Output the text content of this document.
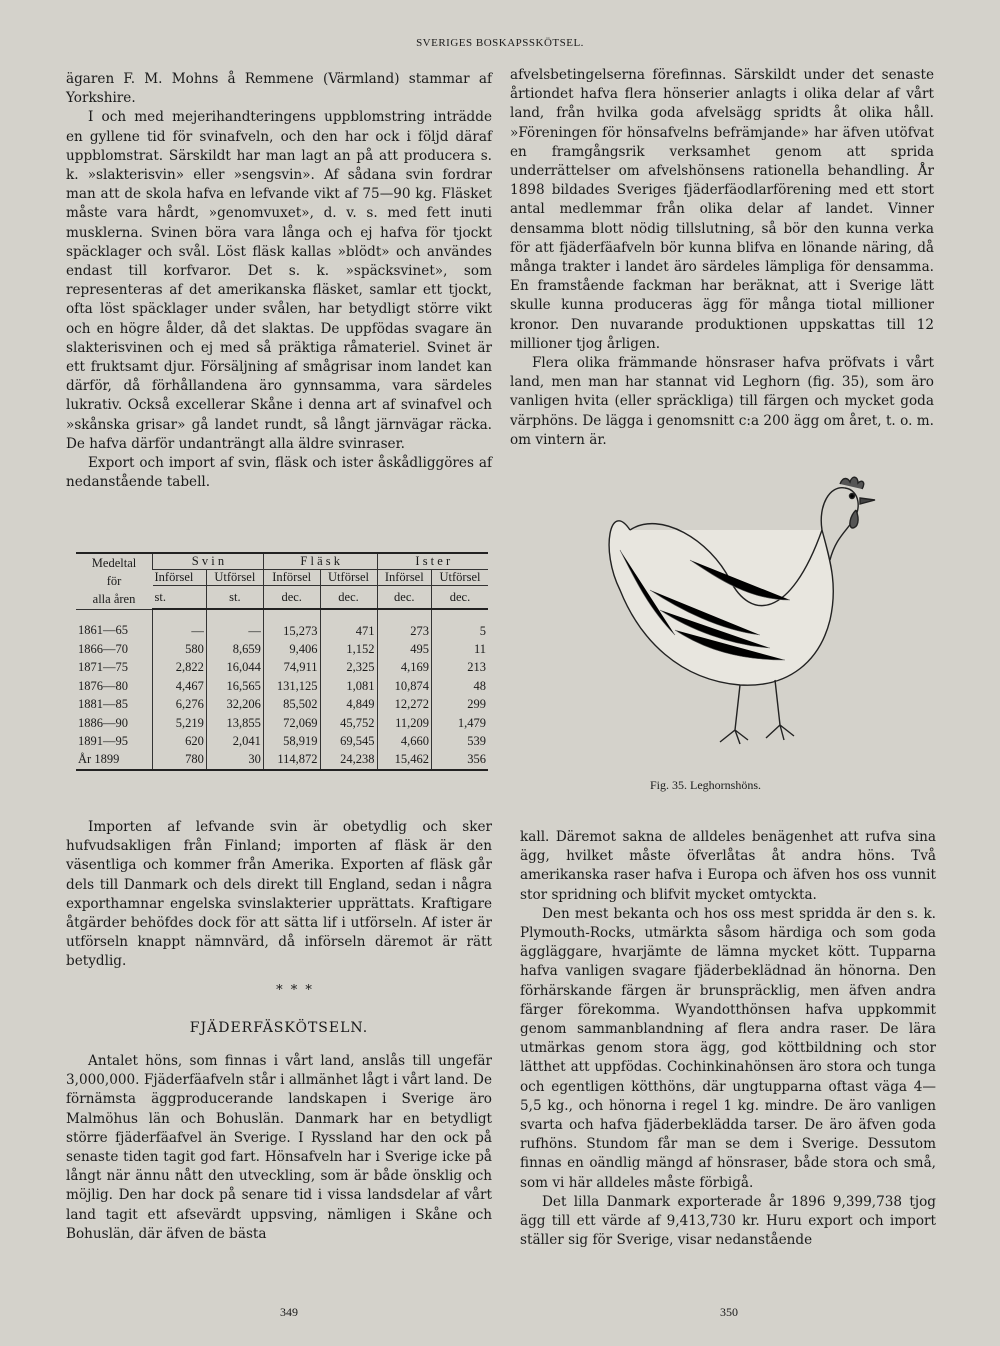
SVERIGES BOSKAPSSKÖTSEL.

ägaren F. M. Mohns å Remmene (Värmland) stammar af Yorkshire.

I och med mejerihandteringens uppblomstring inträdde en gyllene tid för svinafveln, och den har ock i följd däraf uppblomstrat. Särskildt har man lagt an på att producera s. k. »slakterisvin» eller »sengsvin». Af sådana svin fordrar man att de skola hafva en lefvande vikt af 75—90 kg. Fläsket måste vara hårdt, »genomvuxet», d. v. s. med fett inuti musklerna. Svinen böra vara långa och ej hafva för tjockt späcklager och svål. Löst fläsk kallas »blödt» och användes endast till korfvaror. Det s. k. »späcksvinet», som representeras af det amerikanska fläsket, samlar ett tjockt, ofta löst späcklager under svålen, har betydligt större vikt och en högre ålder, då det slaktas. De uppfödas svagare än slakterisvinen och ej med så präktiga råmateriel. Svinet är ett fruktsamt djur. Försäljning af smågrisar inom landet kan därför, då förhållandena äro gynnsamma, vara särdeles lukrativ. Också excellerar Skåne i denna art af svinafvel och »skånska grisar» gå landet rundt, så långt järnvägar räcka. De hafva därför undanträngt alla äldre svinraser.

Export och import af svin, fläsk och ister åskådliggöres af nedanstående tabell.

Medeltal
för
alla åren	S v i n		F l ä s k		I s t e r	
	Införsel	Utförsel	Införsel	Utförsel	Införsel	Utförsel
	st.	st.	dec.	dec.	dec.	dec.
1861—65	—	—	15,273	471	273	5
1866—70	580	8,659	9,406	1,152	495	11
1871—75	2,822	16,044	74,911	2,325	4,169	213
1876—80	4,467	16,565	131,125	1,081	10,874	48
1881—85	6,276	32,206	85,502	4,849	12,272	299
1886—90	5,219	13,855	72,069	45,752	11,209	1,479
1891—95	620	2,041	58,919	69,545	4,660	539
År 1899	780	30	114,872	24,238	15,462	356

Importen af lefvande svin är obetydlig och sker hufvudsakligen från Finland; importen af fläsk är den väsentliga och kommer från Amerika. Exporten af fläsk går dels till Danmark och dels direkt till England, sedan i några exporthamnar engelska svinslakterier upprättats. Kraftigare åtgärder behöfdes dock för att sätta lif i utförseln. Af ister är utförseln knappt nämnvärd, då införseln däremot är rätt betydlig.

* * *
FJÄDERFÄSKÖTSELN.

Antalet höns, som finnas i vårt land, anslås till ungefär 3,000,000. Fjäderfäafveln står i allmänhet lågt i vårt land. De förnämsta äggproducerande landskapen i Sverige äro Malmöhus län och Bohuslän. Danmark har en betydligt större fjäderfäafvel än Sverige. I Ryssland har den ock på senaste tiden tagit god fart. Hönsafveln har i Sverige icke på långt när ännu nått den utveckling, som är både önsklig och möjlig. Den har dock på senare tid i vissa landsdelar af vårt land tagit ett afsevärdt uppsving, nämligen i Skåne och Bohuslän, där äfven de bästa

afvelsbetingelserna förefinnas. Särskildt under det senaste årtiondet hafva flera hönserier anlagts i olika delar af vårt land, från hvilka goda afvelsägg spridts åt olika håll. »Föreningen för hönsafvelns befrämjande» har äfven utöfvat en framgångsrik verksamhet genom att sprida underrättelser om afvelshönsens rationella behandling. År 1898 bildades Sveriges fjäderfäodlarförening med ett stort antal medlemmar från olika delar af landet. Vinner densamma blott nödig tillslutning, så bör den kunna verka för att fjäderfäafveln bör kunna blifva en lönande näring, då många trakter i landet äro särdeles lämpliga för densamma. En framstående fackman har beräknat, att i Sverige lätt skulle kunna produceras ägg för många tiotal millioner kronor. Den nuvarande produktionen uppskattas till 12 millioner tjog årligen.

Flera olika främmande hönsraser hafva pröfvats i vårt land, men man har stannat vid Leghorn (fig. 35), som äro vanligen hvita (eller spräckliga) till färgen och mycket goda värphöns. De lägga i genomsnitt c:a 200 ägg om året, t. o. m. om vintern är.

Fig. 35. Leghornshöns.

kall. Däremot sakna de alldeles benägenhet att rufva sina ägg, hvilket måste öfverlåtas åt andra höns. Två amerikanska raser hafva i Europa och äfven hos oss vunnit stor spridning och blifvit mycket omtyckta.

Den mest bekanta och hos oss mest spridda är den s. k. Plymouth-Rocks, utmärkta såsom härdiga och som goda äggläggare, hvarjämte de lämna mycket kött. Tupparna hafva vanligen svagare fjäderbeklädnad än hönorna. Den förhärskande färgen är brunspräcklig, men äfven andra färger förekomma. Wyandotthönsen hafva uppkommit genom sammanblandning af flera andra raser. De lära utmärkas genom stora ägg, god köttbildning och stor lätthet att uppfödas. Cochinkinahönsen äro stora och tunga och egentligen kötthöns, där ungtupparna oftast väga 4—5,5 kg., och hönorna i regel 1 kg. mindre. De äro vanligen svarta och hafva fjäderbeklädda tarser. De äro äfven goda rufhöns. Stundom får man se dem i Sverige. Dessutom finnas en oändlig mängd af hönsraser, både stora och små, som vi här alldeles måste förbigå.

Det lilla Danmark exporterade år 1896 9,399,738 tjog ägg till ett värde af 9,413,730 kr. Huru export och import ställer sig för Sverige, visar nedanstående

349	350
